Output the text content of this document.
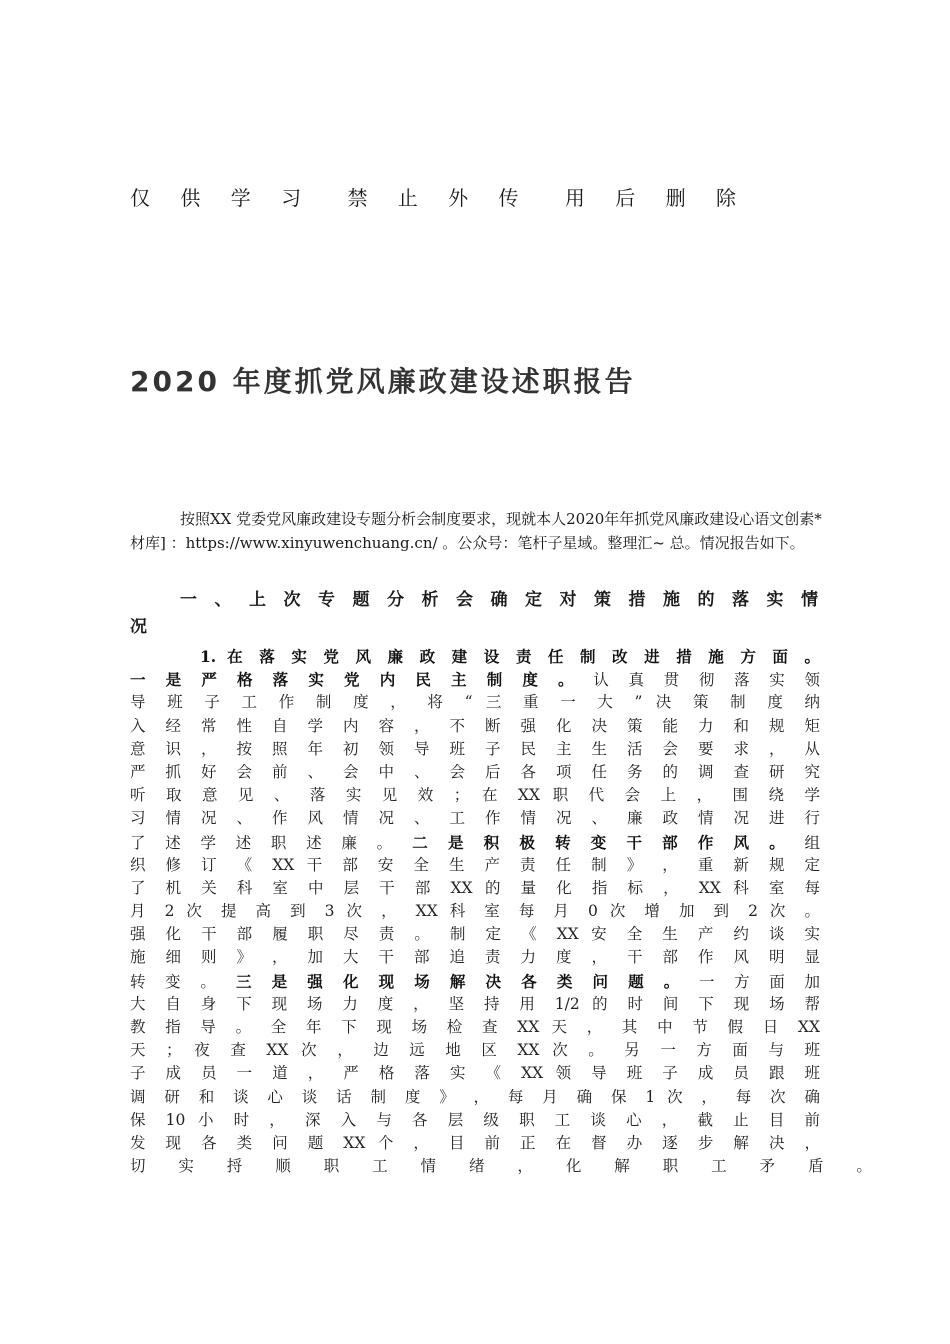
仅 供 学 习 禁 止 外 传 用 后 删 除
2020 年度抓党风廉政建设述职报告
按照XX 党委党风廉政建设专题分析会制度要求，现就本人2020年年抓党风廉政建设心语文创素* 材库] ：https://www.xinyuwenchuang.cn/ 。公众号：笔杆子星域。整理汇~ 总。情况报告如下。
一 、 上 次 专 题 分 析 会 确 定 对 策 措 施 的 落 实 情
况
1. 在 落 实 党 风 廉 政 建 设 责 任 制 改 进 措 施 方 面 。
一 是 严 格 落 实 党 内 民 主 制 度 。 认 真 贯 彻 落 实 领
导 班 子 工 作 制 度 ， 将 “ 三 重 一 大 ” 决 策 制 度 纳
入 经 常 性 自 学 内 容 ， 不 断 强 化 决 策 能 力 和 规 矩
意 识 ， 按 照 年 初 领 导 班 子 民 主 生 活 会 要 求 ， 从
严 抓 好 会 前 、 会 中 、 会 后 各 项 任 务 的 调 查 研 究
听 取 意 见 、 落 实 见 效 ； 在 XX 职 代 会 上 ， 围 绕 学
习 情 况 、 作 风 情 况 、 工 作 情 况 、 廉 政 情 况 进 行
了 述 学 述 职 述 廉 。 二 是 积 极 转 变 干 部 作 风 。 组
织 修 订 《 XX 干 部 安 全 生 产 责 任 制 》 ， 重 新 规 定
了 机 关 科 室 中 层 干 部 XX 的 量 化 指 标 ， XX 科 室 每
月 2 次 提 高 到 3 次 ， XX 科 室 每 月 0 次 增 加 到 2 次 。
强 化 干 部 履 职 尽 责 。 制 定 《 XX 安 全 生 产 约 谈 实
施 细 则 》 ， 加 大 干 部 追 责 力 度 ， 干 部 作 风 明 显
转 变 。 三 是 强 化 现 场 解 决 各 类 问 题 。 一 方 面 加
大 自 身 下 现 场 力 度 ， 坚 持 用 1/2 的 时 间 下 现 场 帮
教 指 导 。 全 年 下 现 场 检 查 XX 天 ， 其 中 节 假 日 XX
天 ； 夜 查 XX 次 ， 边 远 地 区 XX 次 。 另 一 方 面 与 班
子 成 员 一 道 ， 严 格 落 实 《 XX 领 导 班 子 成 员 跟 班
调 研 和 谈 心 谈 话 制 度 》 ， 每 月 确 保 1 次 ， 每 次 确
保 10 小 时 ， 深 入 与 各 层 级 职 工 谈 心 ， 截 止 目 前
发 现 各 类 问 题 XX 个 ， 目 前 正 在 督 办 逐 步 解 决 ，
切 实 捋 顺 职 工 情 绪 ， 化 解 职 工 矛 盾 。
